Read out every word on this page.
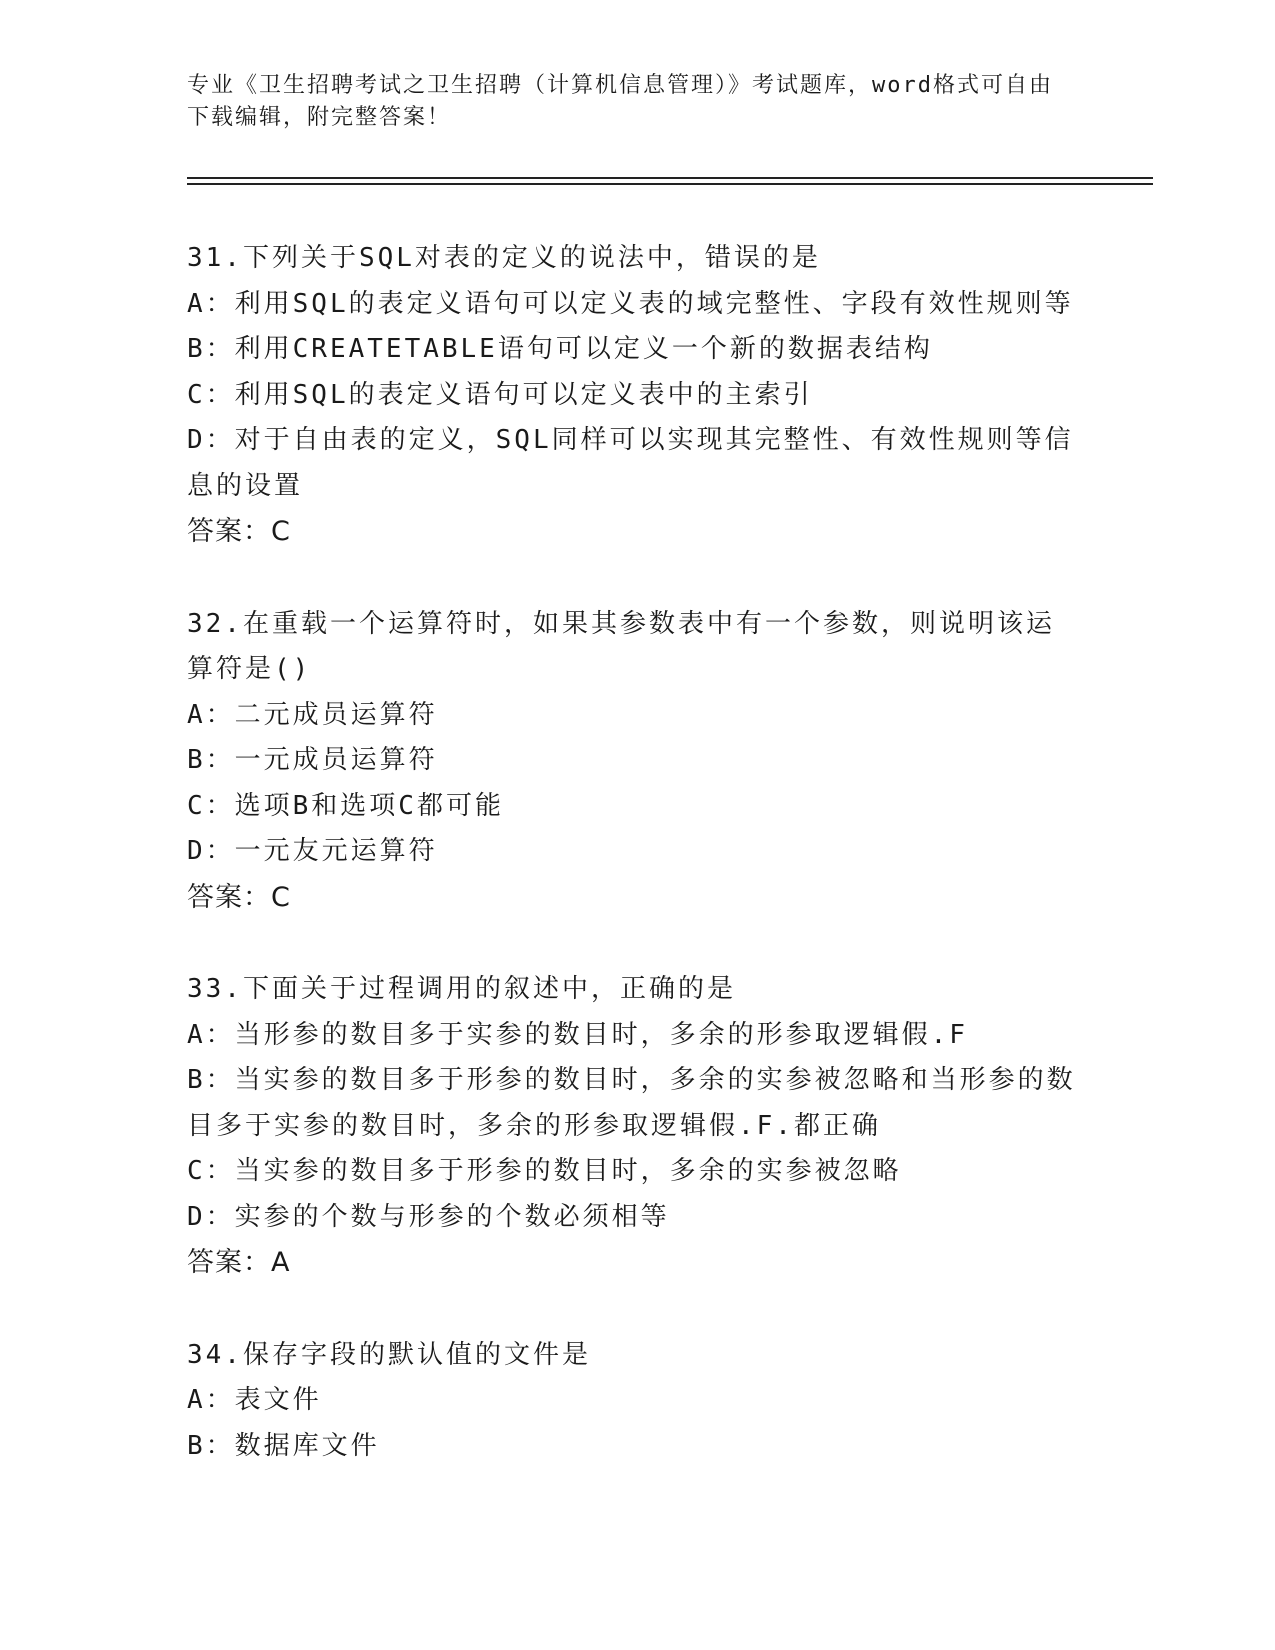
专业《卫生招聘考试之卫生招聘（计算机信息管理）》考试题库，word格式可自由下载编辑，附完整答案！
31.下列关于SQL对表的定义的说法中，错误的是
A：利用SQL的表定义语句可以定义表的域完整性、字段有效性规则等
B：利用CREATETABLE语句可以定义一个新的数据表结构
C：利用SQL的表定义语句可以定义表中的主索引
D：对于自由表的定义，SQL同样可以实现其完整性、有效性规则等信息的设置
答案：C
32.在重载一个运算符时，如果其参数表中有一个参数，则说明该运算符是()
A：二元成员运算符
B：一元成员运算符
C：选项B和选项C都可能
D：一元友元运算符
答案：C
33.下面关于过程调用的叙述中，正确的是
A：当形参的数目多于实参的数目时，多余的形参取逻辑假.F
B：当实参的数目多于形参的数目时，多余的实参被忽略和当形参的数目多于实参的数目时，多余的形参取逻辑假.F.都正确
C：当实参的数目多于形参的数目时，多余的实参被忽略
D：实参的个数与形参的个数必须相等
答案：A
34.保存字段的默认值的文件是
A：表文件
B：数据库文件
